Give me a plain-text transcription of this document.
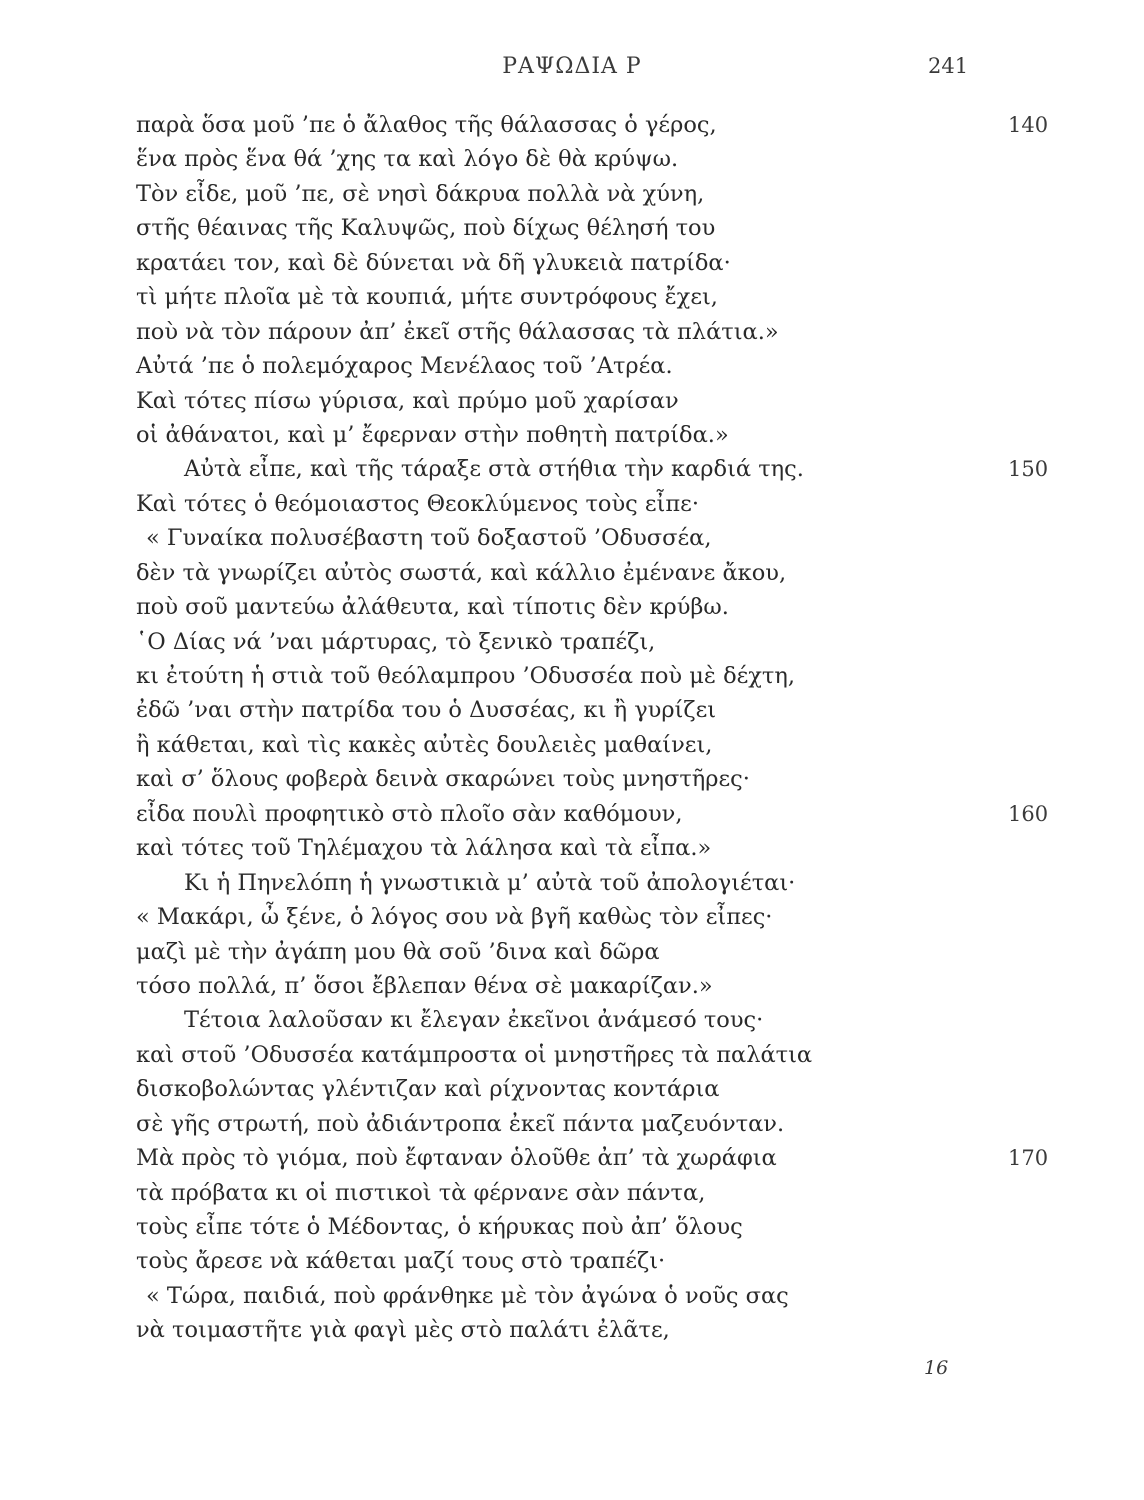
ΡΑΨΩΔΙΑ Ρ	241
παρὰ ὅσα μοῦ ’πε ὁ ἄλαθος τῆς θάλασσας ὁ γέρος,	140
ἕνα πρὸς ἕνα θά ’χης τα καὶ λόγο δὲ θὰ κρύψω.
Τὸν εἶδε, μοῦ ’πε, σὲ νησὶ δάκρυα πολλὰ νὰ χύνη,
στῆς θέαινας τῆς Καλυψῶς, ποὺ δίχως θέλησή του
κρατάει τον, καὶ δὲ δύνεται νὰ δῆ γλυκειὰ πατρίδα·
τὶ μήτε πλοῖα μὲ τὰ κουπιά, μήτε συντρόφους ἔχει,
ποὺ νὰ τὸν πάρουν ἀπ’ ἐκεῖ στῆς θάλασσας τὰ πλάτια.»
Αὐτά ’πε ὁ πολεμόχαρος Μενέλαος τοῦ ’Ατρέα.
Καὶ τότες πίσω γύρισα, καὶ πρύμο μοῦ χαρίσαν
οἱ ἀθάνατοι, καὶ μ’ ἔφερναν στὴν ποθητὴ πατρίδα.»
Αὐτὰ εἶπε, καὶ τῆς τάραξε στὰ στήθια τὴν καρδιά της.	150
Καὶ τότες ὁ θεόμοιαστος Θεοκλύμενος τοὺς εἶπε·
« Γυναίκα πολυσέβαστη τοῦ δοξαστοῦ ’Οδυσσέα,
δὲν τὰ γνωρίζει αὐτὸς σωστά, καὶ κάλλιο ἐμένανε ἄκου,
ποὺ σοῦ μαντεύω ἀλάθευτα, καὶ τίποτις δὲν κρύβω.
῾Ο Δίας νά ’ναι μάρτυρας, τὸ ξενικὸ τραπέζι,
κι ἐτούτη ἡ στιὰ τοῦ θεόλαμπρου ’Οδυσσέα ποὺ μὲ δέχτη,
ἐδῶ ’ναι στὴν πατρίδα του ὁ Δυσσέας, κι ἢ γυρίζει
ἢ κάθεται, καὶ τὶς κακὲς αὐτὲς δουλειὲς μαθαίνει,
καὶ σ’ ὅλους φοβερὰ δεινὰ σκαρώνει τοὺς μνηστῆρες·
εἶδα πουλὶ προφητικὸ στὸ πλοῖο σὰν καθόμουν,	160
καὶ τότες τοῦ Τηλέμαχου τὰ λάλησα καὶ τὰ εἶπα.»
Κι ἡ Πηνελόπη ἡ γνωστικιὰ μ’ αὐτὰ τοῦ ἀπολογιέται·
« Μακάρι, ὦ ξένε, ὁ λόγος σου νὰ βγῆ καθὼς τὸν εἶπες·
μαζὶ μὲ τὴν ἀγάπη μου θὰ σοῦ ’δινα καὶ δῶρα
τόσο πολλά, π’ ὅσοι ἔβλεπαν θένα σὲ μακαρίζαν.»
Τέτοια λαλοῦσαν κι ἔλεγαν ἐκεῖνοι ἀνάμεσό τους·
καὶ στοῦ ’Οδυσσέα κατάμπροστα οἱ μνηστῆρες τὰ παλάτια
δισκοβολώντας γλέντιζαν καὶ ρίχνοντας κοντάρια
σὲ γῆς στρωτή, ποὺ ἀδιάντροπα ἐκεῖ πάντα μαζευόνταν.
Μὰ πρὸς τὸ γιόμα, ποὺ ἔφταναν ὁλοῦθε ἀπ’ τὰ χωράφια	170
τὰ πρόβατα κι οἱ πιστικοὶ τὰ φέρνανε σὰν πάντα,
τοὺς εἶπε τότε ὁ Μέδοντας, ὁ κήρυκας ποὺ ἀπ’ ὅλους
τοὺς ἄρεσε νὰ κάθεται μαζί τους στὸ τραπέζι·
« Τώρα, παιδιά, ποὺ φράνθηκε μὲ τὸν ἀγώνα ὁ νοῦς σας
νὰ τοιμαστῆτε γιὰ φαγὶ μὲς στὸ παλάτι ἐλᾶτε,
16
